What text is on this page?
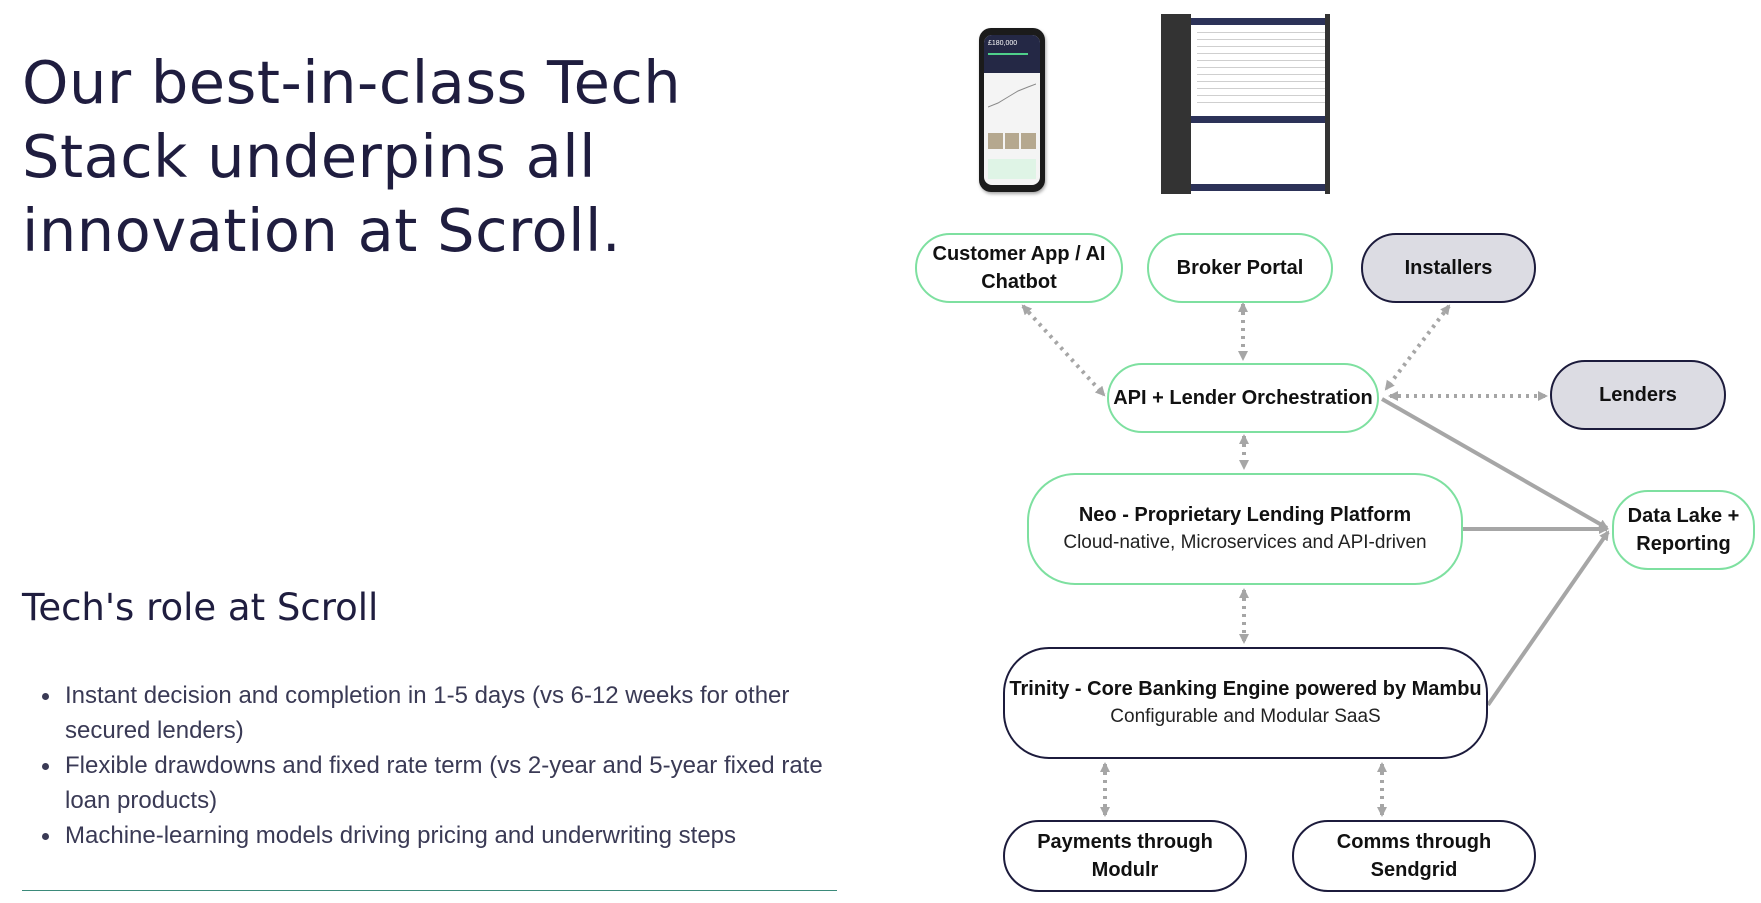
Our best-in-class Tech
Stack underpins all
innovation at Scroll.
Tech's role at Scroll
Instant decision and completion in 1-5 days (vs 6-12 weeks for other secured lenders)
Flexible drawdowns and fixed rate term (vs 2-year and 5-year fixed rate loan products)
Machine-learning models driving pricing and underwriting steps
£180,000
Customer App / AI Chatbot
Broker Portal	Installers
API + Lender Orchestration	Lenders
Neo - Proprietary Lending Platform
Cloud-native, Microservices and API-driven
Data Lake + Reporting
Trinity - Core Banking Engine powered by Mambu
Configurable and Modular SaaS
Payments through Modulr
Comms through Sendgrid
